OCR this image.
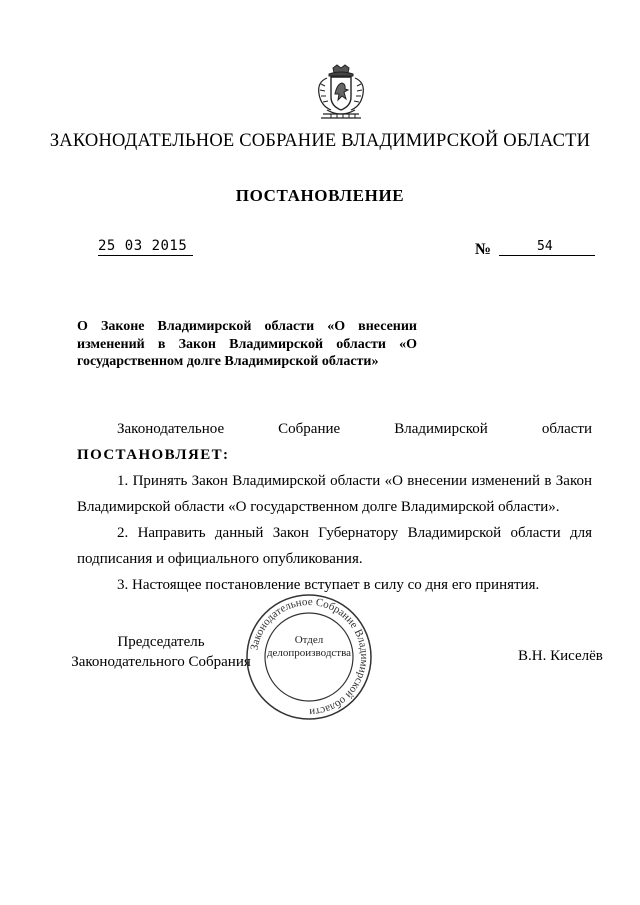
ЗАКОНОДАТЕЛЬНОЕ СОБРАНИЕ ВЛАДИМИРСКОЙ ОБЛАСТИ
ПОСТАНОВЛЕНИЕ
25 03 2015	№	54
О Законе Владимирской области «О внесении изменений в Закон Владимирской области «О государственном долге Владимирской области»

Законодательное Собрание Владимирской области ПОСТАНОВЛЯЕТ:

1. Принять Закон Владимирской области «О внесении изменений в Закон Владимирской области «О государственном долге Владимирской области».

2. Направить данный Закон Губернатору Владимирской области для подписания и официального опубликования.

3. Настоящее постановление вступает в силу со дня его принятия.

Председатель
Законодательного Собрания
Законодательное Собрание Владимирской области
Отдел
делопроизводства	В.Н. Киселёв
